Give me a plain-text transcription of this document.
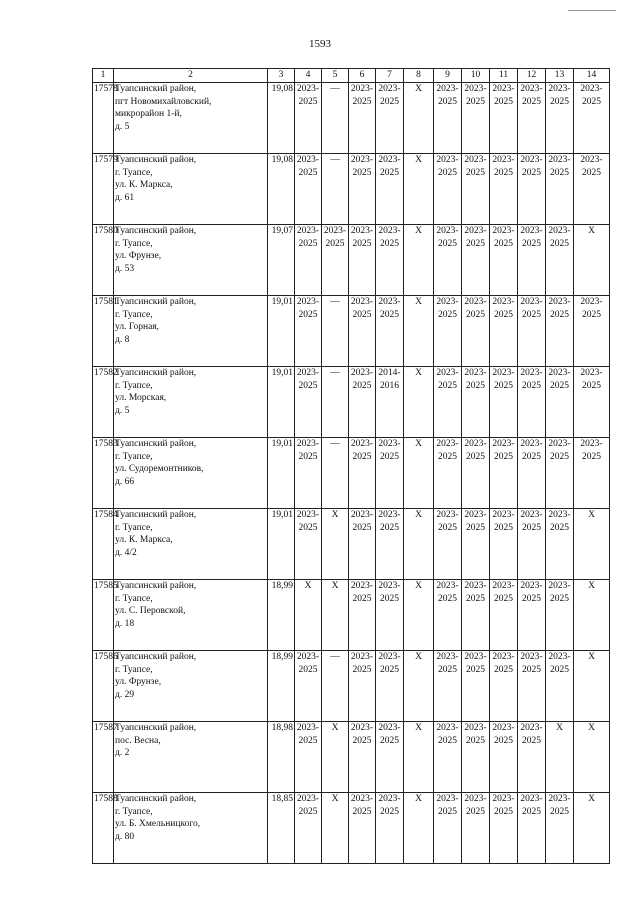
1593
1	2	3	4	5	6	7	8	9	10	11	12	13	14
17578	Туапсинский район,
пгт Новомихайловский,
микрорайон 1-й,
д. 5	19,08	2023-
2025	—	2023-
2025	2023-
2025	X	2023-
2025	2023-
2025	2023-
2025	2023-
2025	2023-
2025	2023-
2025

17579	Туапсинский район,
г. Туапсе,
ул. К. Маркса,
д. 61	19,08	2023-
2025	—	2023-
2025	2023-
2025	X	2023-
2025	2023-
2025	2023-
2025	2023-
2025	2023-
2025	2023-
2025

17580	Туапсинский район,
г. Туапсе,
ул. Фрунзе,
д. 53	19,07	2023-
2025	2023-
2025	2023-
2025	2023-
2025	X	2023-
2025	2023-
2025	2023-
2025	2023-
2025	2023-
2025	X

17581	Туапсинский район,
г. Туапсе,
ул. Горная,
д. 8	19,01	2023-
2025	—	2023-
2025	2023-
2025	X	2023-
2025	2023-
2025	2023-
2025	2023-
2025	2023-
2025	2023-
2025

17582	Туапсинский район,
г. Туапсе,
ул. Морская,
д. 5	19,01	2023-
2025	—	2023-
2025	2014-
2016	X	2023-
2025	2023-
2025	2023-
2025	2023-
2025	2023-
2025	2023-
2025

17583	Туапсинский район,
г. Туапсе,
ул. Судоремонтников,
д. 66	19,01	2023-
2025	—	2023-
2025	2023-
2025	X	2023-
2025	2023-
2025	2023-
2025	2023-
2025	2023-
2025	2023-
2025

17584	Туапсинский район,
г. Туапсе,
ул. К. Маркса,
д. 4/2	19,01	2023-
2025	X	2023-
2025	2023-
2025	X	2023-
2025	2023-
2025	2023-
2025	2023-
2025	2023-
2025	X

17585	Туапсинский район,
г. Туапсе,
ул. С. Перовской,
д. 18	18,99	X	X	2023-
2025	2023-
2025	X	2023-
2025	2023-
2025	2023-
2025	2023-
2025	2023-
2025	X

17586	Туапсинский район,
г. Туапсе,
ул. Фрунзе,
д. 29	18,99	2023-
2025	—	2023-
2025	2023-
2025	X	2023-
2025	2023-
2025	2023-
2025	2023-
2025	2023-
2025	X

17587	Туапсинский район,
пос. Весна,
д. 2	18,98	2023-
2025	X	2023-
2025	2023-
2025	X	2023-
2025	2023-
2025	2023-
2025	2023-
2025	X	X

17588	Туапсинский район,
г. Туапсе,
ул. Б. Хмельницкого,
д. 80	18,85	2023-
2025	X	2023-
2025	2023-
2025	X	2023-
2025	2023-
2025	2023-
2025	2023-
2025	2023-
2025	X
